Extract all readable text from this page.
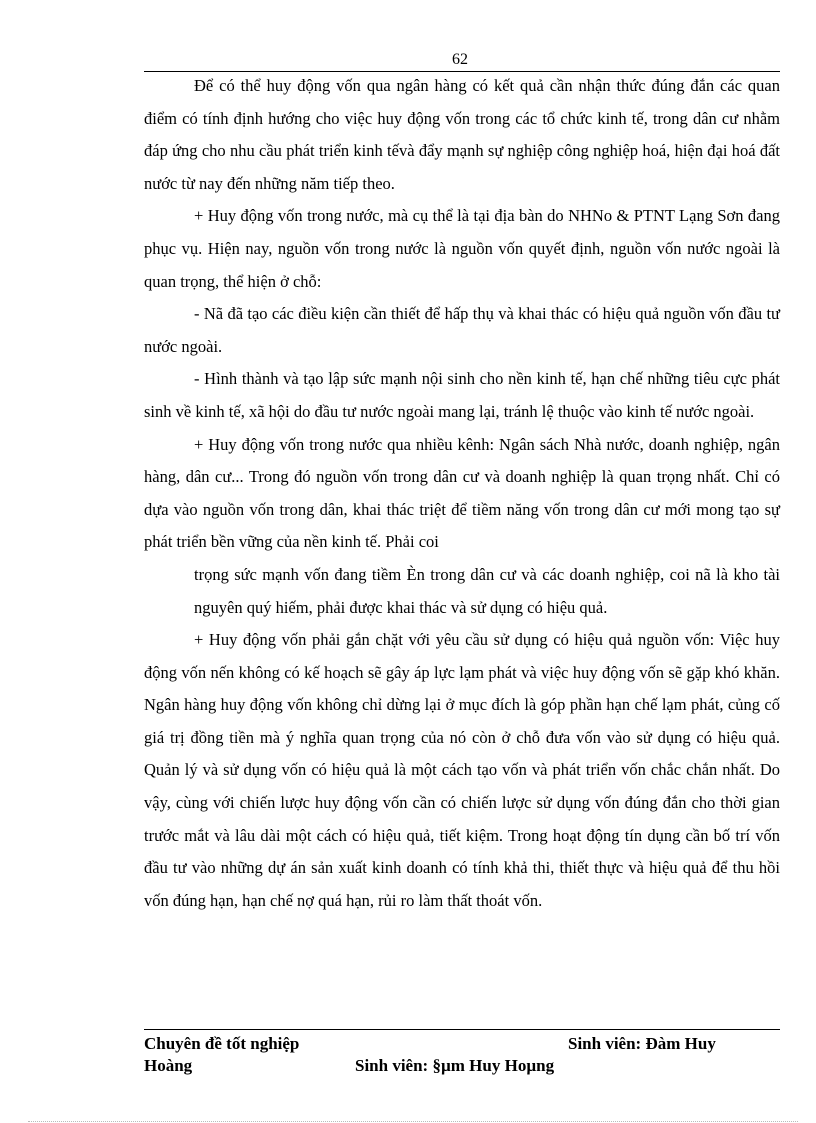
62

Để có thể huy động vốn qua ngân hàng có kết quả cần nhận thức đúng đắn các quan điểm có tính định hướng cho việc huy động vốn trong các tổ chức kinh tế, trong dân cư nhằm đáp ứng cho nhu cầu phát triển kinh tếvà đẩy mạnh sự nghiệp công nghiệp hoá, hiện đại hoá đất nước từ nay đến những năm tiếp theo.

+ Huy động vốn trong nước, mà cụ thể là tại địa bàn do NHNo & PTNT Lạng Sơn đang phục vụ. Hiện nay, nguồn vốn trong nước là nguồn vốn quyết định, nguồn vốn nước ngoài là quan trọng, thể hiện ở chỗ:

- Nã đã tạo các điều kiện cần thiết để hấp thụ và khai thác có hiệu quả nguồn vốn đầu tư nước ngoài.

- Hình thành và tạo lập sức mạnh nội sinh cho nền kinh tế, hạn chế những tiêu cực phát sinh về kinh tế, xã hội do đầu tư nước ngoài mang lại, tránh lệ thuộc vào kinh tế nước ngoài.

+ Huy động vốn trong nước qua nhiều kênh: Ngân sách Nhà nước, doanh nghiệp, ngân hàng, dân cư... Trong đó nguồn vốn trong dân cư và doanh nghiệp là quan trọng nhất. Chỉ có dựa vào nguồn vốn trong dân, khai thác triệt để tiềm năng vốn trong dân cư mới mong tạo sự phát triển bền vững của nền kinh tế. Phải coi

trọng sức mạnh vốn đang tiềm Èn trong dân cư và các doanh nghiệp, coi nã là kho tài nguyên quý hiếm, phải được khai thác và sử dụng có hiệu quả.

+ Huy động vốn phải gắn chặt với yêu cầu sử dụng có hiệu quả nguồn vốn: Việc huy động vốn nến không có kế hoạch sẽ gây áp lực lạm phát và việc huy động vốn sẽ gặp khó khăn. Ngân hàng huy động vốn không chỉ dừng lại ở mục đích là góp phần hạn chế lạm phát, củng cố giá trị đồng tiền mà ý nghĩa quan trọng của nó còn ở chỗ đưa vốn vào sử dụng có hiệu quả. Quản lý và sử dụng vốn có hiệu quả là một cách tạo vốn và phát triển vốn chắc chắn nhất. Do vậy, cùng với chiến lược huy động vốn cần có chiến lược sử dụng vốn đúng đắn cho thời gian trước mắt và lâu dài một cách có hiệu quả, tiết kiệm. Trong hoạt động tín dụng cần bố trí vốn đầu tư vào những dự án sản xuất kinh doanh có tính khả thi, thiết thực và hiệu quả để thu hồi vốn đúng hạn, hạn chế nợ quá hạn, rủi ro làm thất thoát vốn.

Chuyên đề tốt nghiệp	Sinh viên: Đàm Huy
Hoàng	Sinh viên: §µm Huy Hoµng
